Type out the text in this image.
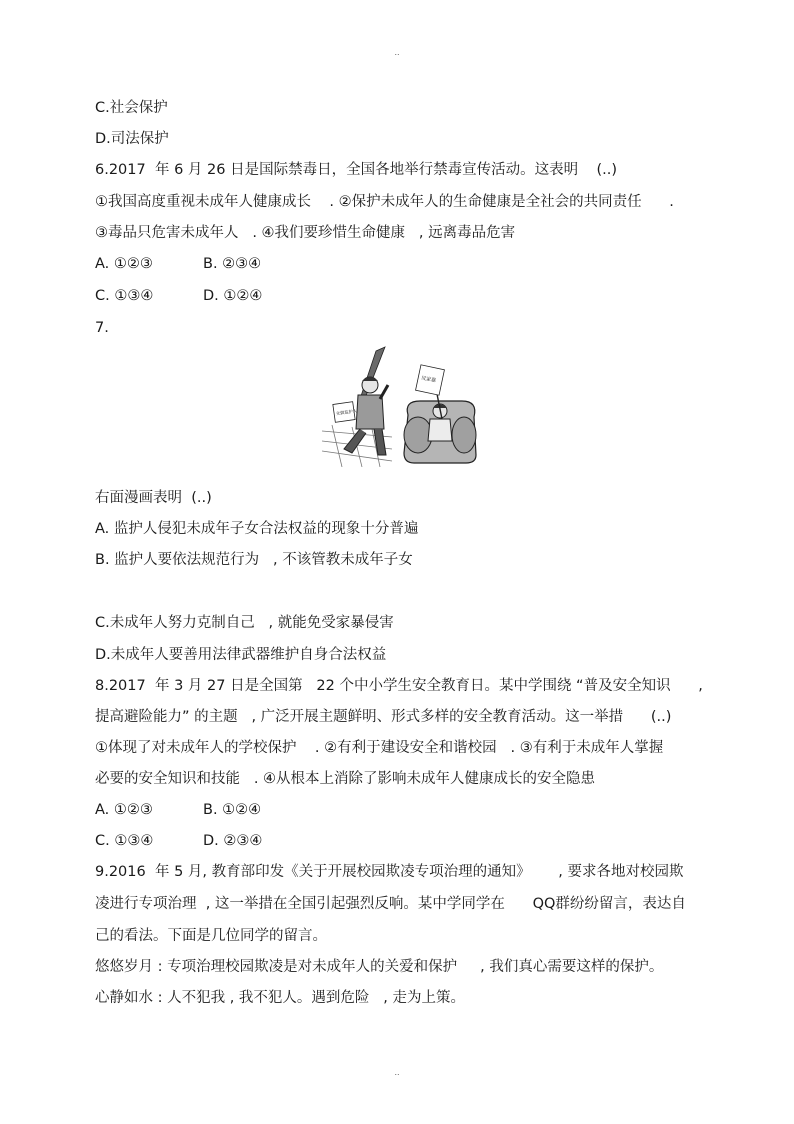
..
C.社会保护
D.司法保护
6.2017  年 6 月 26 日是国际禁毒日，全国各地举行禁毒宣传活动。这表明    (..)
①我国高度重视未成年人健康成长    . ②保护未成年人的生命健康是全社会的共同责任      .
③毒品只危害未成年人   . ④我们要珍惜生命健康   , 远离毒品危害
A. ①②③	B. ②③④
C. ①③④	D. ①②④
7.
先做监护人
反家暴
右面漫画表明  (..)
A. 监护人侵犯未成年子女合法权益的现象十分普遍
B. 监护人要依法规范行为   , 不该管教未成年子女
C.未成年人努力克制自己   , 就能免受家暴侵害
D.未成年人要善用法律武器维护自身合法权益
8.2017  年 3 月 27 日是全国第   22 个中小学生安全教育日。某中学围绕 “普及安全知识      ,
提高避险能力” 的主题   , 广泛开展主题鲜明、形式多样的安全教育活动。这一举措      (..)
①体现了对未成年人的学校保护    . ②有利于建设安全和谐校园   . ③有利于未成年人掌握
必要的安全知识和技能   . ④从根本上消除了影响未成年人健康成长的安全隐患
A. ①②③	B. ①②④
C. ①③④	D. ②③④
9.2016  年 5 月, 教育部印发《关于开展校园欺凌专项治理的通知》      , 要求各地对校园欺
凌进行专项治理  , 这一举措在全国引起强烈反响。某中学同学在      QQ群纷纷留言，表达自
己的看法。下面是几位同学的留言。
悠悠岁月 : 专项治理校园欺凌是对未成年人的关爱和保护     , 我们真心需要这样的保护。
心静如水 : 人不犯我 , 我不犯人。遇到危险   , 走为上策。
..
